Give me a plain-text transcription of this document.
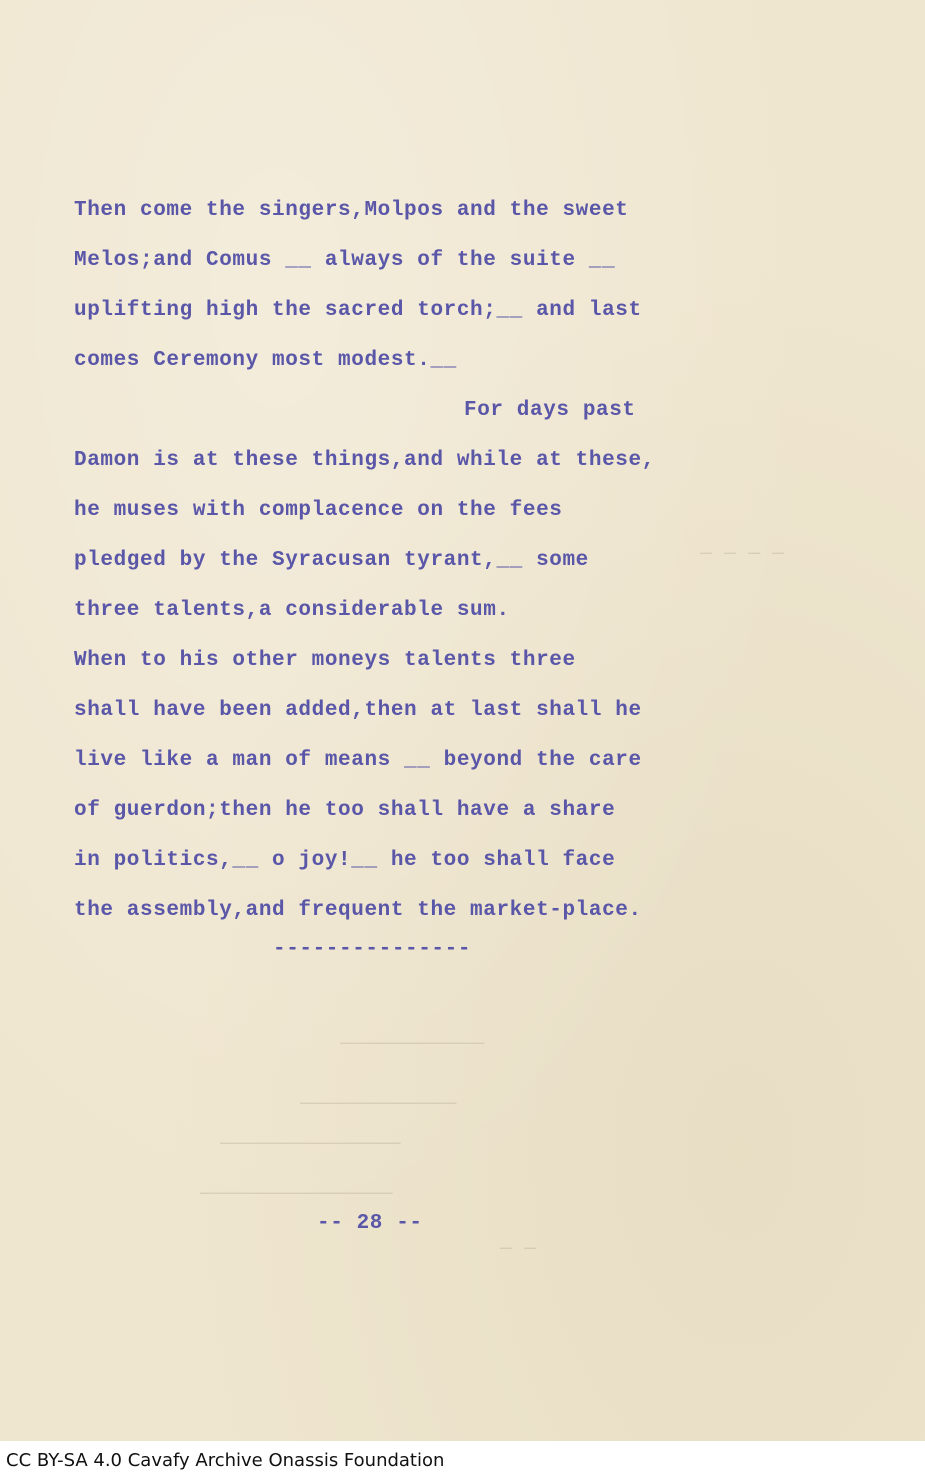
— — — —
————————————
—————————————
———————————————
————————————————
— —
Then come the singers,Molpos and the sweet
Melos;and Comus __ always of the suite __
uplifting high the sacred torch;__ and last
comes Ceremony most modest.__
For days past
Damon is at these things,and while at these,
he muses with complacence on the fees
pledged by the Syracusan tyrant,__ some
three talents,a considerable sum.
When to his other moneys talents three
shall have been added,then at last shall he
live like a man of means __ beyond the care
of guerdon;then he too shall have a share
in politics,__ o joy!__ he too shall face
the assembly,and frequent the market-place.
---------------
-- 28 --
CC BY-SA 4.0 Cavafy Archive Onassis Foundation
